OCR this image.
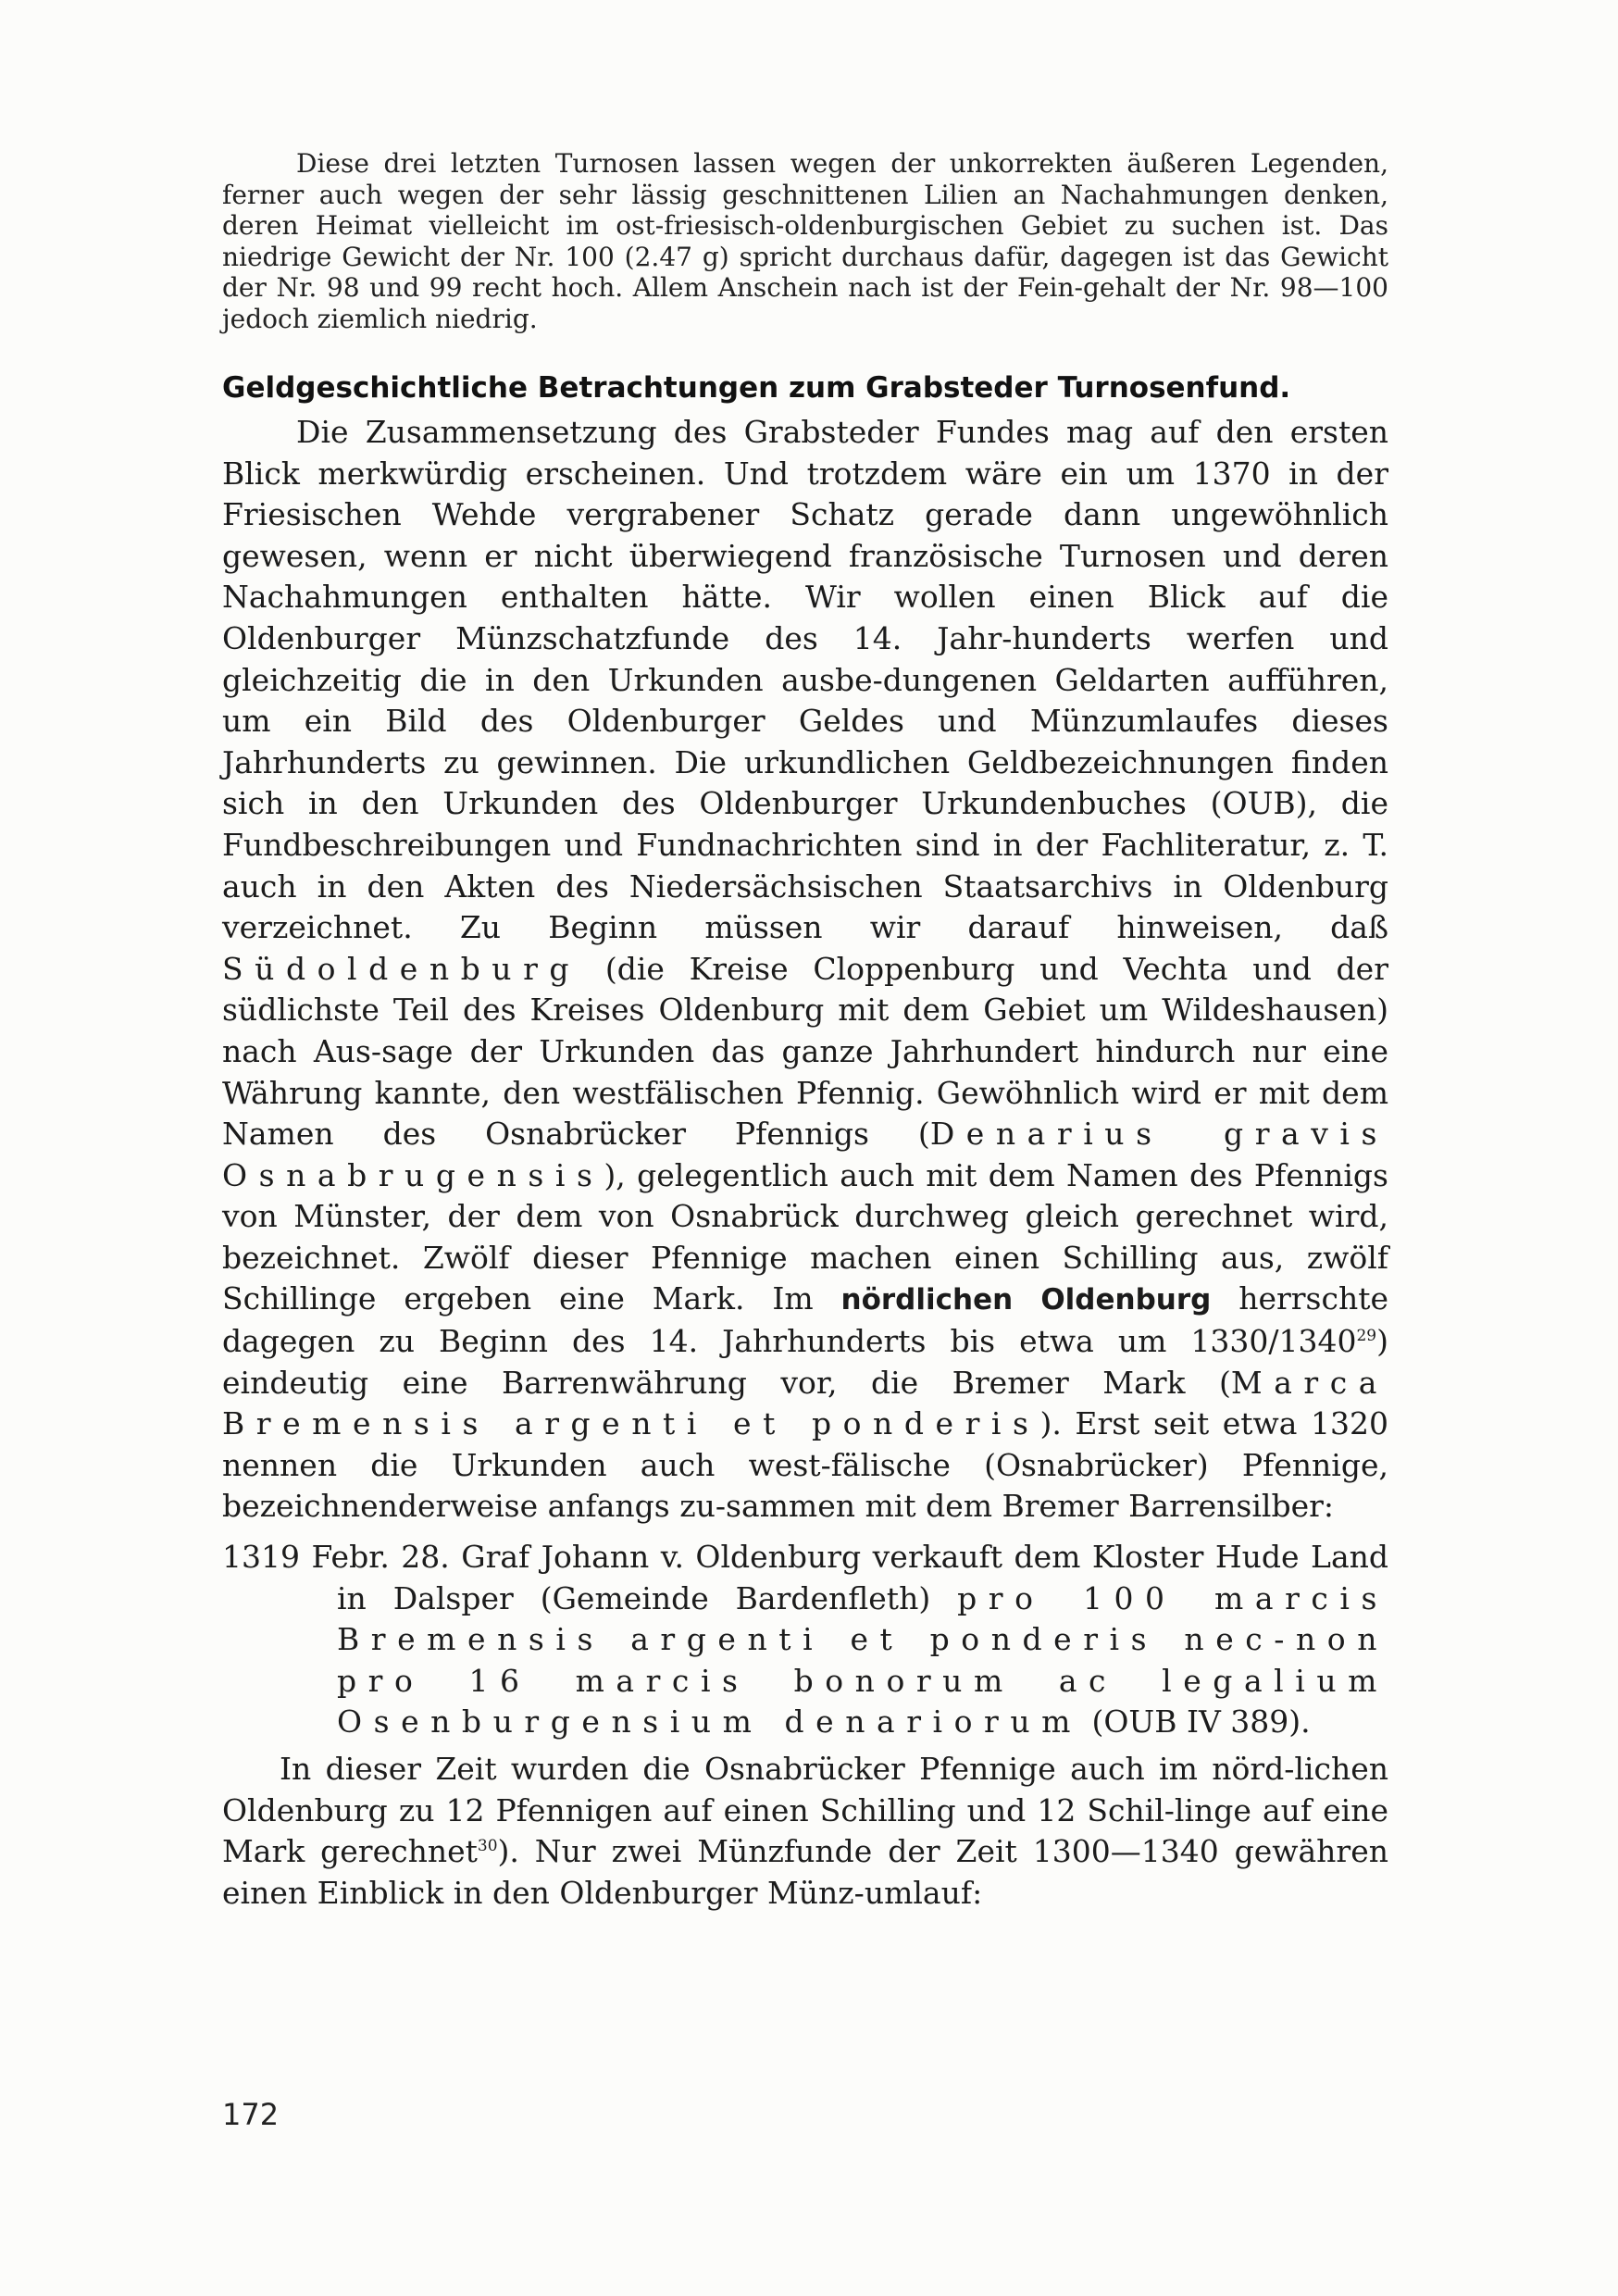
Diese drei letzten Turnosen lassen wegen der unkorrekten äußeren Legenden, ferner auch wegen der sehr lässig geschnittenen Lilien an Nachahmungen denken, deren Heimat vielleicht im ost-friesisch-oldenburgischen Gebiet zu suchen ist. Das niedrige Gewicht der Nr. 100 (2.47 g) spricht durchaus dafür, dagegen ist das Gewicht der Nr. 98 und 99 recht hoch. Allem Anschein nach ist der Fein-gehalt der Nr. 98—100 jedoch ziemlich niedrig.

Geldgeschichtliche Betrachtungen zum Grabsteder Turnosenfund.

Die Zusammensetzung des Grabsteder Fundes mag auf den ersten Blick merkwürdig erscheinen. Und trotzdem wäre ein um 1370 in der Friesischen Wehde vergrabener Schatz gerade dann ungewöhnlich gewesen, wenn er nicht überwiegend französische Turnosen und deren Nachahmungen enthalten hätte. Wir wollen einen Blick auf die Oldenburger Münzschatzfunde des 14. Jahr-hunderts werfen und gleichzeitig die in den Urkunden ausbe-dungenen Geldarten aufführen, um ein Bild des Oldenburger Geldes und Münzumlaufes dieses Jahrhunderts zu gewinnen. Die urkundlichen Geldbezeichnungen finden sich in den Urkunden des Oldenburger Urkundenbuches (OUB), die Fundbeschreibungen und Fundnachrichten sind in der Fachliteratur, z. T. auch in den Akten des Niedersächsischen Staatsarchivs in Oldenburg verzeichnet. Zu Beginn müssen wir darauf hinweisen, daß Südoldenburg (die Kreise Cloppenburg und Vechta und der südlichste Teil des Kreises Oldenburg mit dem Gebiet um Wildeshausen) nach Aus-sage der Urkunden das ganze Jahrhundert hindurch nur eine Währung kannte, den westfälischen Pfennig. Gewöhnlich wird er mit dem Namen des Osnabrücker Pfennigs (Denarius gravis Osnabrugensis), gelegentlich auch mit dem Namen des Pfennigs von Münster, der dem von Osnabrück durchweg gleich gerechnet wird, bezeichnet. Zwölf dieser Pfennige machen einen Schilling aus, zwölf Schillinge ergeben eine Mark. Im nördlichen Oldenburg herrschte dagegen zu Beginn des 14. Jahrhunderts bis etwa um 1330/1340$^{29}$) eindeutig eine Barrenwährung vor, die Bremer Mark (Marca Bremensis argenti et ponderis). Erst seit etwa 1320 nennen die Urkunden auch west-fälische (Osnabrücker) Pfennige, bezeichnenderweise anfangs zu-sammen mit dem Bremer Barrensilber:

1319 Febr. 28. Graf Johann v. Oldenburg verkauft dem Kloster Hude Land in Dalsper (Gemeinde Bardenfleth) pro 100 marcis Bremensis argenti et ponderis nec-non pro 16 marcis bonorum ac legalium Osenburgensium denariorum (OUB IV 389).

In dieser Zeit wurden die Osnabrücker Pfennige auch im nörd-lichen Oldenburg zu 12 Pfennigen auf einen Schilling und 12 Schil-linge auf eine Mark gerechnet$^{30}$). Nur zwei Münzfunde der Zeit 1300—1340 gewähren einen Einblick in den Oldenburger Münz-umlauf:

172
